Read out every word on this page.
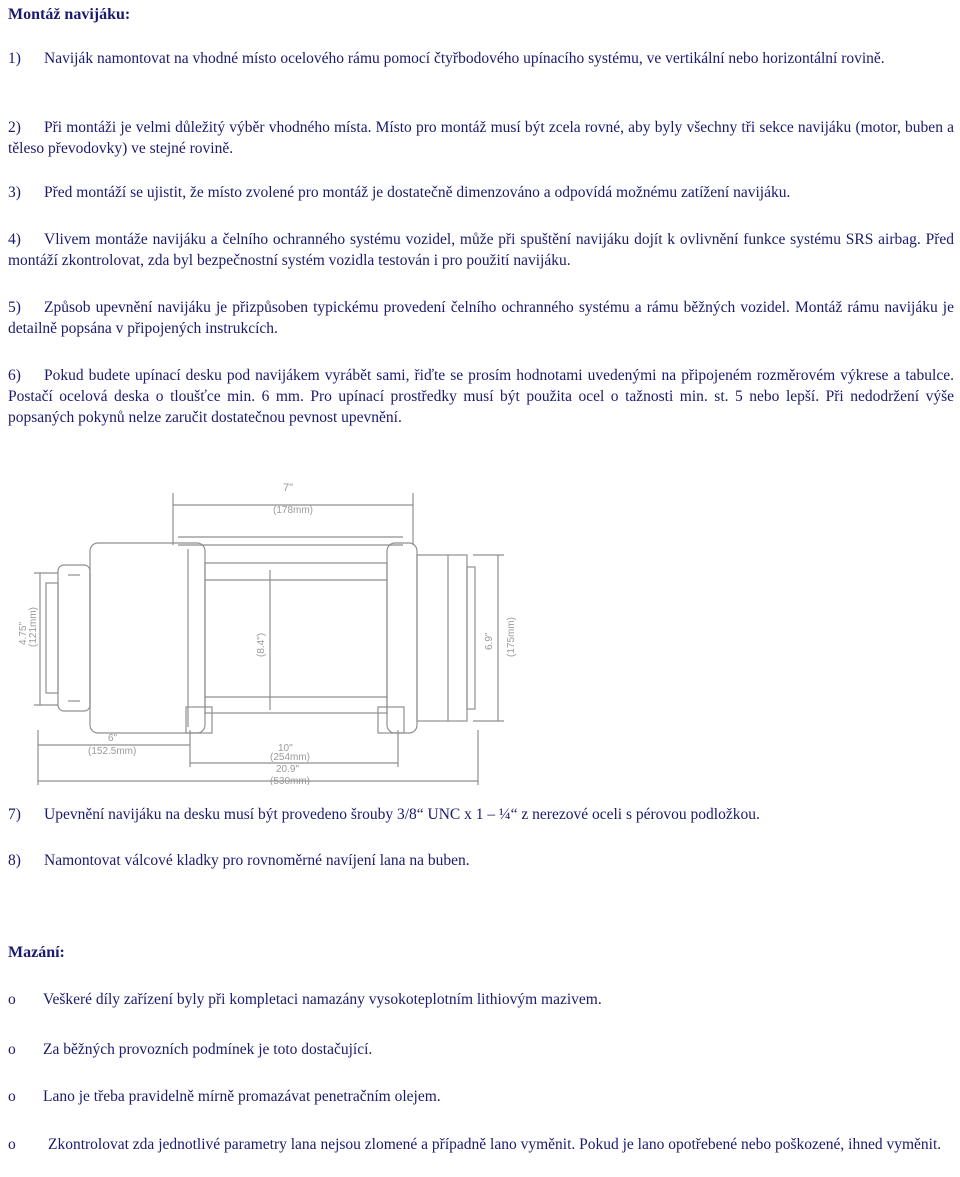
Montáž navijáku:
1) Naviják namontovat na vhodné místo ocelového rámu pomocí čtyřbodového upínacího systému, ve vertikální nebo horizontální rovině.
2) Při montáži je velmi důležitý výběr vhodného místa. Místo pro montáž musí být zcela rovné, aby byly všechny tři sekce navijáku (motor, buben a těleso převodovky) ve stejné rovině.
3) Před montáží se ujistit, že místo zvolené pro montáž je dostatečně dimenzováno a odpovídá možnému zatížení navijáku.
4) Vlivem montáže navijáku a čelního ochranného systému vozidel, může při spuštění navijáku dojít k ovlivnění funkce systému SRS airbag. Před montáží zkontrolovat, zda byl bezpečnostní systém vozidla testován i pro použití navijáku.
5) Způsob upevnění navijáku je přizpůsoben typickému provedení čelního ochranného systému a rámu běžných vozidel. Montáž rámu navijáku je detailně popsána v připojených instrukcích.
6) Pokud budete upínací desku pod navijákem vyrábět sami, řiďte se prosím hodnotami uvedenými na připojeném rozměrovém výkrese a tabulce. Postačí ocelová deska o tloušťce min. 6 mm. Pro upínací prostředky musí být použita ocel o tažnosti min. st. 5 nebo lepší. Při nedodržení výše popsaných pokynů nelze zaručit dostatečnou pevnost upevnění.
7"
(178mm)
4.75" (121mm)	(8.4")	6.9" (175mm)
6"
(152.5mm)	10"
(254mm)
20.9"
(530mm)
7) Upevnění navijáku na desku musí být provedeno šrouby 3/8“ UNC x 1 – ¼“ z nerezové oceli s pérovou podložkou.
8) Namontovat válcové kladky pro rovnoměrné navíjení lana na buben.
Mazání:
o Veškeré díly zařízení byly při kompletaci namazány vysokoteplotním lithiovým mazivem.
o Za běžných provozních podmínek je toto dostačující.
o Lano je třeba pravidelně mírně promazávat penetračním olejem.
o Zkontrolovat zda jednotlivé parametry lana nejsou zlomené a případně lano vyměnit. Pokud je lano opotřebené nebo poškozené, ihned vyměnit.
